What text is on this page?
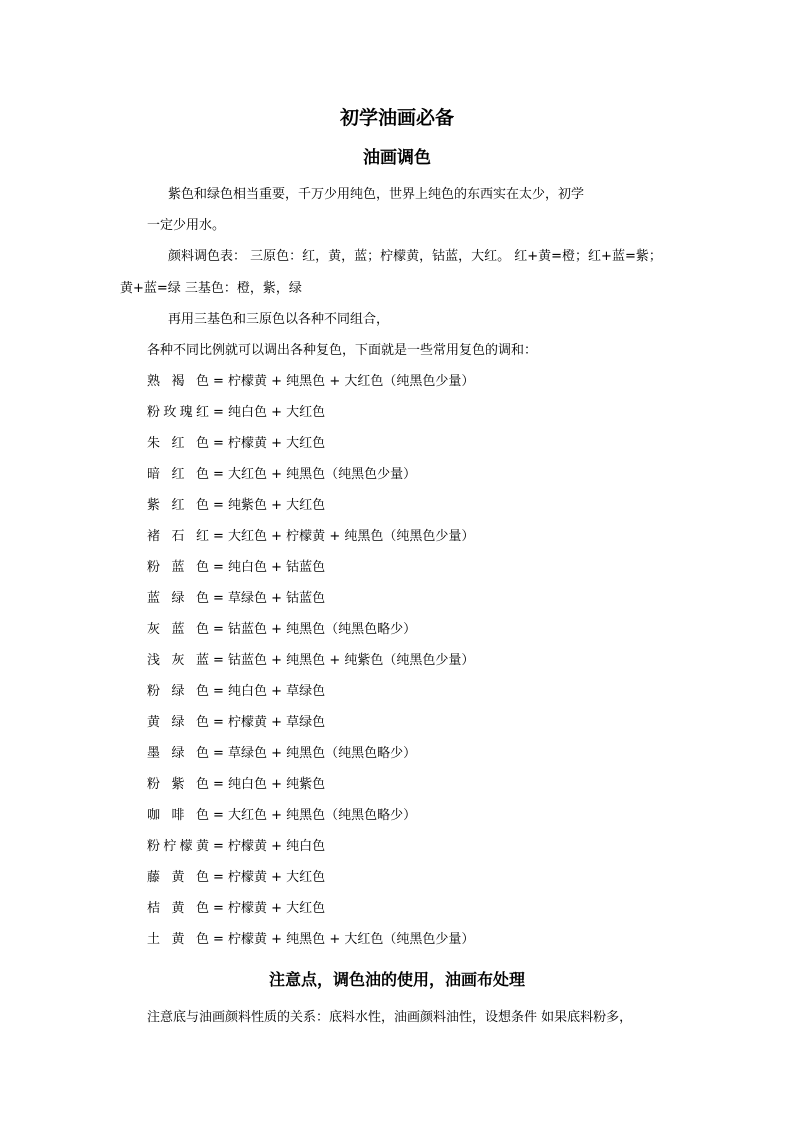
初学油画必备
油画调色

紫色和绿色相当重要，千万少用纯色，世界上纯色的东西实在太少，初学

一定少用水。

颜料调色表： 三原色：红，黄，蓝；柠檬黄，钴蓝，大红。 红+黄=橙；红+蓝=紫；

黄+蓝=绿 三基色：橙，紫，绿

再用三基色和三原色以各种不同组合，

各种不同比例就可以调出各种复色，下面就是一些常用复色的调和：

熟褐色 = 柠檬黄 + 纯黑色 + 大红色（纯黑色少量）
粉玫瑰红 = 纯白色 + 大红色
朱红色 = 柠檬黄 + 大红色
暗红色 = 大红色 + 纯黑色（纯黑色少量）
紫红色 = 纯紫色 + 大红色
褚石红 = 大红色 + 柠檬黄 + 纯黑色（纯黑色少量）
粉蓝色 = 纯白色 + 钴蓝色
蓝绿色 = 草绿色 + 钴蓝色
灰蓝色 = 钴蓝色 + 纯黑色（纯黑色略少）
浅灰蓝 = 钴蓝色 + 纯黑色 + 纯紫色（纯黑色少量）
粉绿色 = 纯白色 + 草绿色
黄绿色 = 柠檬黄 + 草绿色
墨绿色 = 草绿色 + 纯黑色（纯黑色略少）
粉紫色 = 纯白色 + 纯紫色
咖啡色 = 大红色 + 纯黑色（纯黑色略少）
粉柠檬黄 = 柠檬黄 + 纯白色
藤黄色 = 柠檬黄 + 大红色
桔黄色 = 柠檬黄 + 大红色
土黄色 = 柠檬黄 + 纯黑色 + 大红色（纯黑色少量）
注意点，调色油的使用，油画布处理

注意底与油画颜料性质的关系：底料水性，油画颜料油性，设想条件 如果底料粉多，
